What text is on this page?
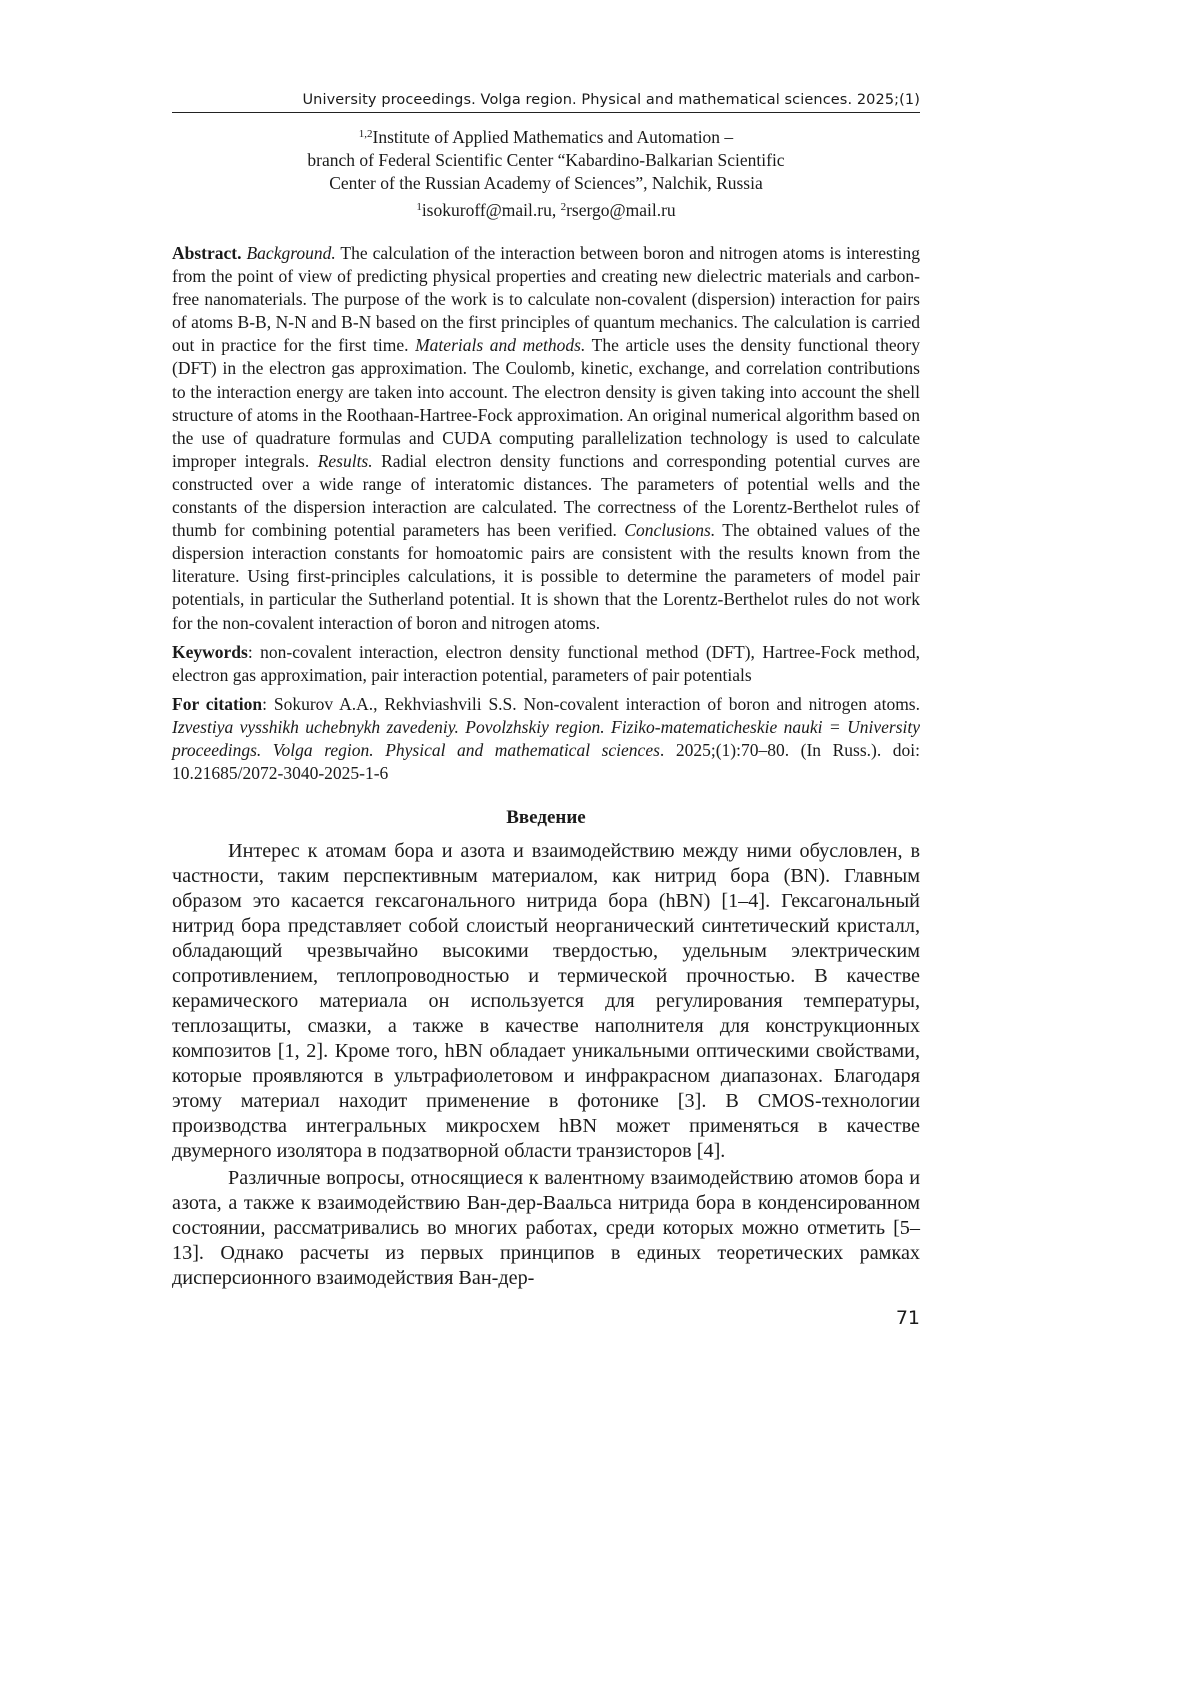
University proceedings. Volga region. Physical and mathematical sciences. 2025;(1)
$^{1,2}$Institute of Applied Mathematics and Automation –
branch of Federal Scientific Center “Kabardino-Balkarian Scientific
Center of the Russian Academy of Sciences”, Nalchik, Russia
$^1$isokuroff@mail.ru, $^2$rsergo@mail.ru
Abstract. Background. The calculation of the interaction between boron and nitrogen atoms is interesting from the point of view of predicting physical properties and creating new dielectric materials and carbon-free nanomaterials. The purpose of the work is to calculate non-covalent (dispersion) interaction for pairs of atoms B-B, N-N and B-N based on the first principles of quantum mechanics. The calculation is carried out in practice for the first time. Materials and methods. The article uses the density functional theory (DFT) in the electron gas approximation. The Coulomb, kinetic, exchange, and correlation contributions to the interaction energy are taken into account. The electron density is given taking into account the shell structure of atoms in the Roothaan-Hartree-Fock approximation. An original numerical algorithm based on the use of quadrature formulas and CUDA computing parallelization technology is used to calculate improper integrals. Results. Radial electron density functions and corresponding potential curves are constructed over a wide range of interatomic distances. The parameters of potential wells and the constants of the dispersion interaction are calculated. The correctness of the Lorentz-Berthelot rules of thumb for combining potential parameters has been verified. Conclusions. The obtained values of the dispersion interaction constants for homoatomic pairs are consistent with the results known from the literature. Using first-principles calculations, it is possible to determine the parameters of model pair potentials, in particular the Sutherland potential. It is shown that the Lorentz-Berthelot rules do not work for the non-covalent interaction of boron and nitrogen atoms.
Keywords: non-covalent interaction, electron density functional method (DFT), Hartree-Fock method, electron gas approximation, pair interaction potential, parameters of pair potentials
For citation: Sokurov A.A., Rekhviashvili S.S. Non-covalent interaction of boron and nitrogen atoms. Izvestiya vysshikh uchebnykh zavedeniy. Povolzhskiy region. Fiziko-matematicheskie nauki = University proceedings. Volga region. Physical and mathematical sciences. 2025;(1):70–80. (In Russ.). doi: 10.21685/2072-3040-2025-1-6
Введение

Интерес к атомам бора и азота и взаимодействию между ними обусловлен, в частности, таким перспективным материалом, как нитрид бора (BN). Главным образом это касается гексагонального нитрида бора (hBN) [1–4]. Гексагональный нитрид бора представляет собой слоистый неорганический синтетический кристалл, обладающий чрезвычайно высокими твердостью, удельным электрическим сопротивлением, теплопроводностью и термической прочностью. В качестве керамического материала он используется для регулирования температуры, теплозащиты, смазки, а также в качестве наполнителя для конструкционных композитов [1, 2]. Кроме того, hBN обладает уникальными оптическими свойствами, которые проявляются в ультрафиолетовом и инфракрасном диапазонах. Благодаря этому материал находит применение в фотонике [3]. В CMOS-технологии производства интегральных микросхем hBN может применяться в качестве двумерного изолятора в подзатворной области транзисторов [4].

Различные вопросы, относящиеся к валентному взаимодействию атомов бора и азота, а также к взаимодействию Ван-дер-Ваальса нитрида бора в конденсированном состоянии, рассматривались во многих работах, среди которых можно отметить [5–13]. Однако расчеты из первых принципов в единых теоретических рамках дисперсионного взаимодействия Ван-дер-

71
